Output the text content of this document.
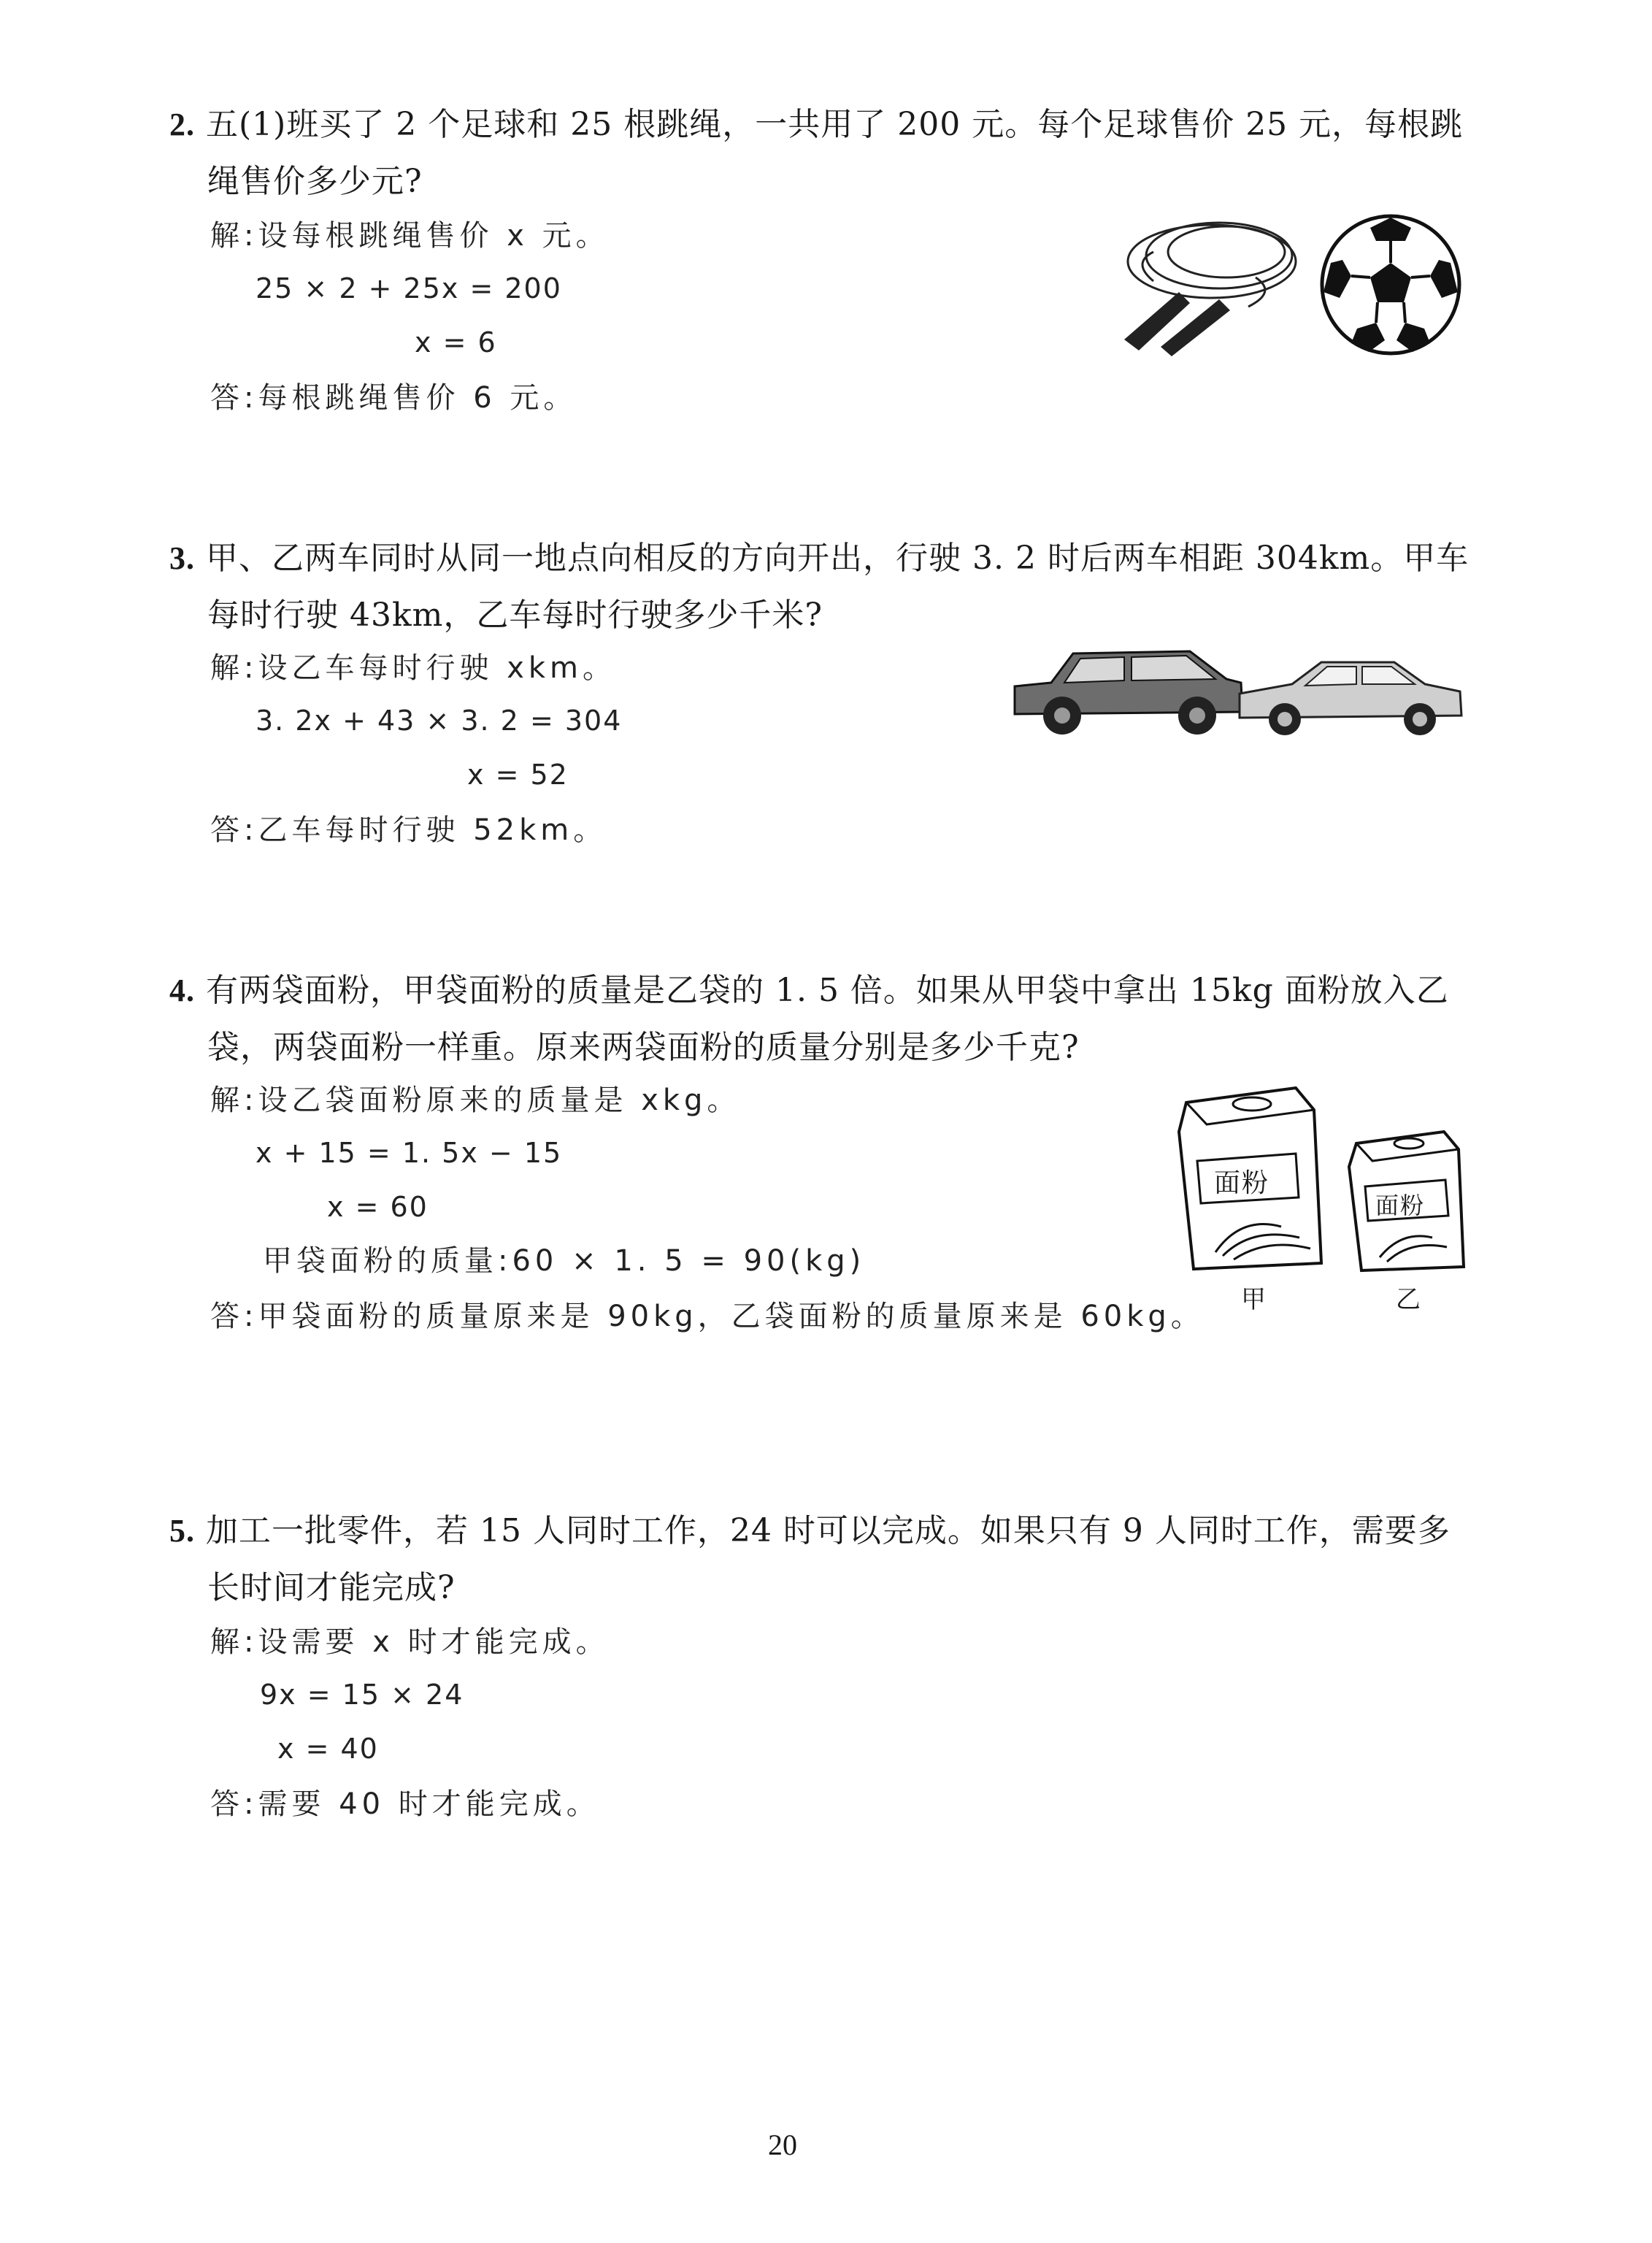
2. 五(1)班买了 2 个足球和 25 根跳绳，一共用了 200 元。每个足球售价 25 元，每根跳
绳售价多少元?
解:设每根跳绳售价 x 元。
25 × 2 + 25x = 200
x = 6
答:每根跳绳售价 6 元。
3. 甲、乙两车同时从同一地点向相反的方向开出，行驶 3. 2 时后两车相距 304km。甲车
每时行驶 43km，乙车每时行驶多少千米?
解:设乙车每时行驶 xkm。
3. 2x + 43 × 3. 2 = 304
x = 52
答:乙车每时行驶 52km。
4. 有两袋面粉，甲袋面粉的质量是乙袋的 1. 5 倍。如果从甲袋中拿出 15kg 面粉放入乙
袋，两袋面粉一样重。原来两袋面粉的质量分别是多少千克?
解:设乙袋面粉原来的质量是 xkg。
x + 15 = 1. 5x − 15
x = 60
甲袋面粉的质量:60 × 1. 5 = 90(kg)
答:甲袋面粉的质量原来是 90kg，乙袋面粉的质量原来是 60kg。
面粉
甲
面粉
乙
5. 加工一批零件，若 15 人同时工作，24 时可以完成。如果只有 9 人同时工作，需要多
长时间才能完成?
解:设需要 x 时才能完成。
9x = 15 × 24
x = 40
答:需要 40 时才能完成。
20
